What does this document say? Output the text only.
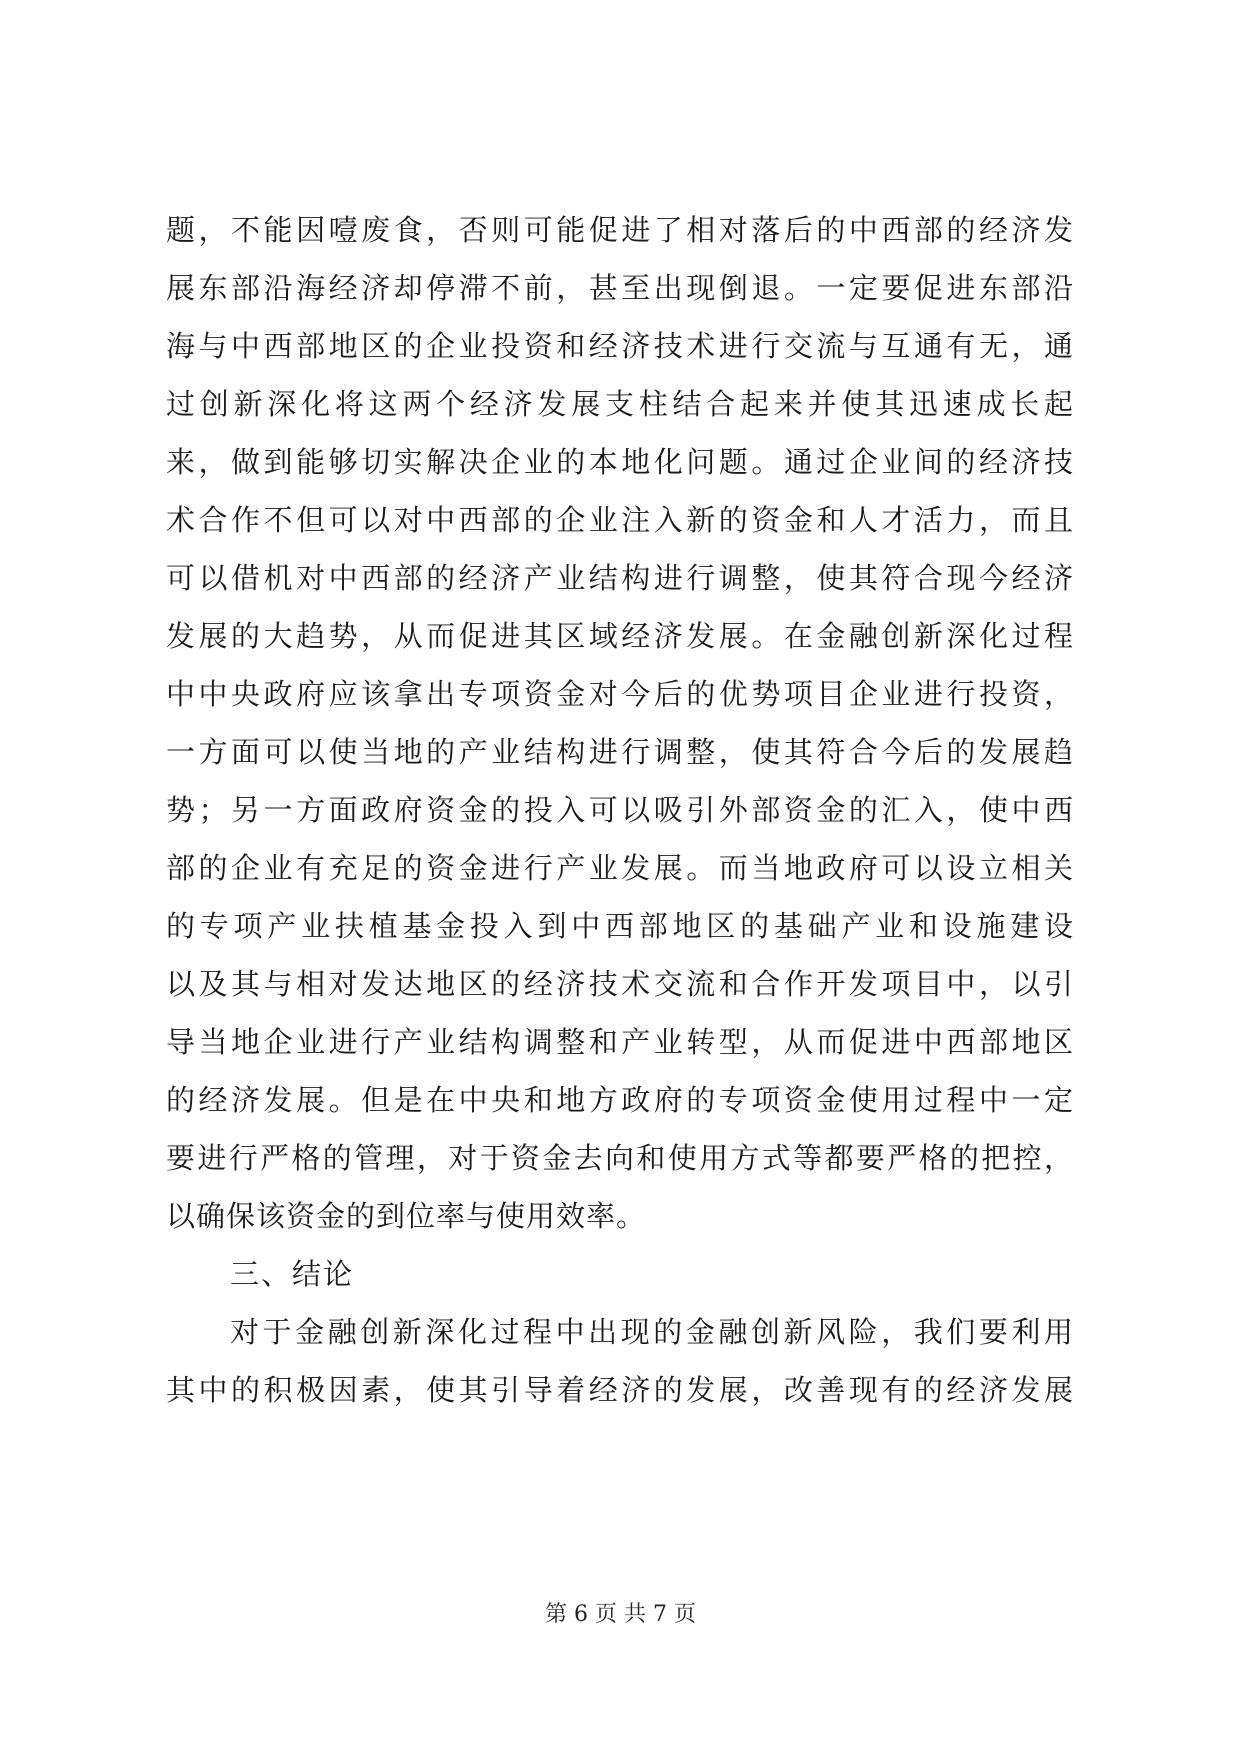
题，不能因噎废食，否则可能促进了相对落后的中西部的经济发
展东部沿海经济却停滞不前，甚至出现倒退。一定要促进东部沿
海与中西部地区的企业投资和经济技术进行交流与互通有无，通
过创新深化将这两个经济发展支柱结合起来并使其迅速成长起
来，做到能够切实解决企业的本地化问题。通过企业间的经济技
术合作不但可以对中西部的企业注入新的资金和人才活力，而且
可以借机对中西部的经济产业结构进行调整，使其符合现今经济
发展的大趋势，从而促进其区域经济发展。在金融创新深化过程
中中央政府应该拿出专项资金对今后的优势项目企业进行投资，
一方面可以使当地的产业结构进行调整，使其符合今后的发展趋
势；另一方面政府资金的投入可以吸引外部资金的汇入，使中西
部的企业有充足的资金进行产业发展。而当地政府可以设立相关
的专项产业扶植基金投入到中西部地区的基础产业和设施建设
以及其与相对发达地区的经济技术交流和合作开发项目中，以引
导当地企业进行产业结构调整和产业转型，从而促进中西部地区
的经济发展。但是在中央和地方政府的专项资金使用过程中一定
要进行严格的管理，对于资金去向和使用方式等都要严格的把控，
以确保该资金的到位率与使用效率。
三、结论
对于金融创新深化过程中出现的金融创新风险，我们要利用
其中的积极因素，使其引导着经济的发展，改善现有的经济发展
第 6 页 共 7 页
